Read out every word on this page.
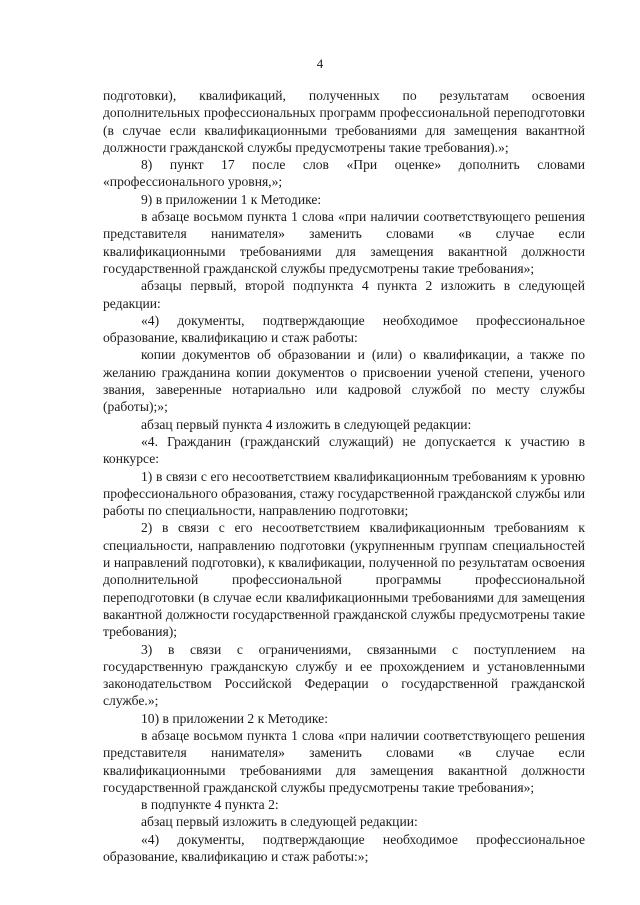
4

подготовки), квалификаций, полученных по результатам освоения дополнительных профессиональных программ профессиональной переподготовки (в случае если квалификационными требованиями для замещения вакантной должности гражданской службы предусмотрены такие требования).»;

8) пункт 17 после слов «При оценке» дополнить словами «профессионального уровня,»;

9) в приложении 1 к Методике:

в абзаце восьмом пункта 1 слова «при наличии соответствующего решения представителя нанимателя» заменить словами «в случае если квалификационными требованиями для замещения вакантной должности государственной гражданской службы предусмотрены такие требования»;

абзацы первый, второй подпункта 4 пункта 2 изложить в следующей редакции:

«4) документы, подтверждающие необходимое профессиональное образование, квалификацию и стаж работы:

копии документов об образовании и (или) о квалификации, а также по желанию гражданина копии документов о присвоении ученой степени, ученого звания, заверенные нотариально или кадровой службой по месту службы (работы);»;

абзац первый пункта 4 изложить в следующей редакции:

«4. Гражданин (гражданский служащий) не допускается к участию в конкурсе:

1) в связи с его несоответствием квалификационным требованиям к уровню профессионального образования, стажу государственной гражданской службы или работы по специальности, направлению подготовки;

2) в связи с его несоответствием квалификационным требованиям к специальности, направлению подготовки (укрупненным группам специальностей и направлений подготовки), к квалификации, полученной по результатам освоения дополнительной профессиональной программы профессиональной переподготовки (в случае если квалификационными требованиями для замещения вакантной должности государственной гражданской службы предусмотрены такие требования);

3) в связи с ограничениями, связанными с поступлением на государственную гражданскую службу и ее прохождением и установленными законодательством Российской Федерации о государственной гражданской службе.»;

10) в приложении 2 к Методике:

в абзаце восьмом пункта 1 слова «при наличии соответствующего решения представителя нанимателя» заменить словами «в случае если квалификационными требованиями для замещения вакантной должности государственной гражданской службы предусмотрены такие требования»;

в подпункте 4 пункта 2:

абзац первый изложить в следующей редакции:

«4) документы, подтверждающие необходимое профессиональное образование, квалификацию и стаж работы:»;
